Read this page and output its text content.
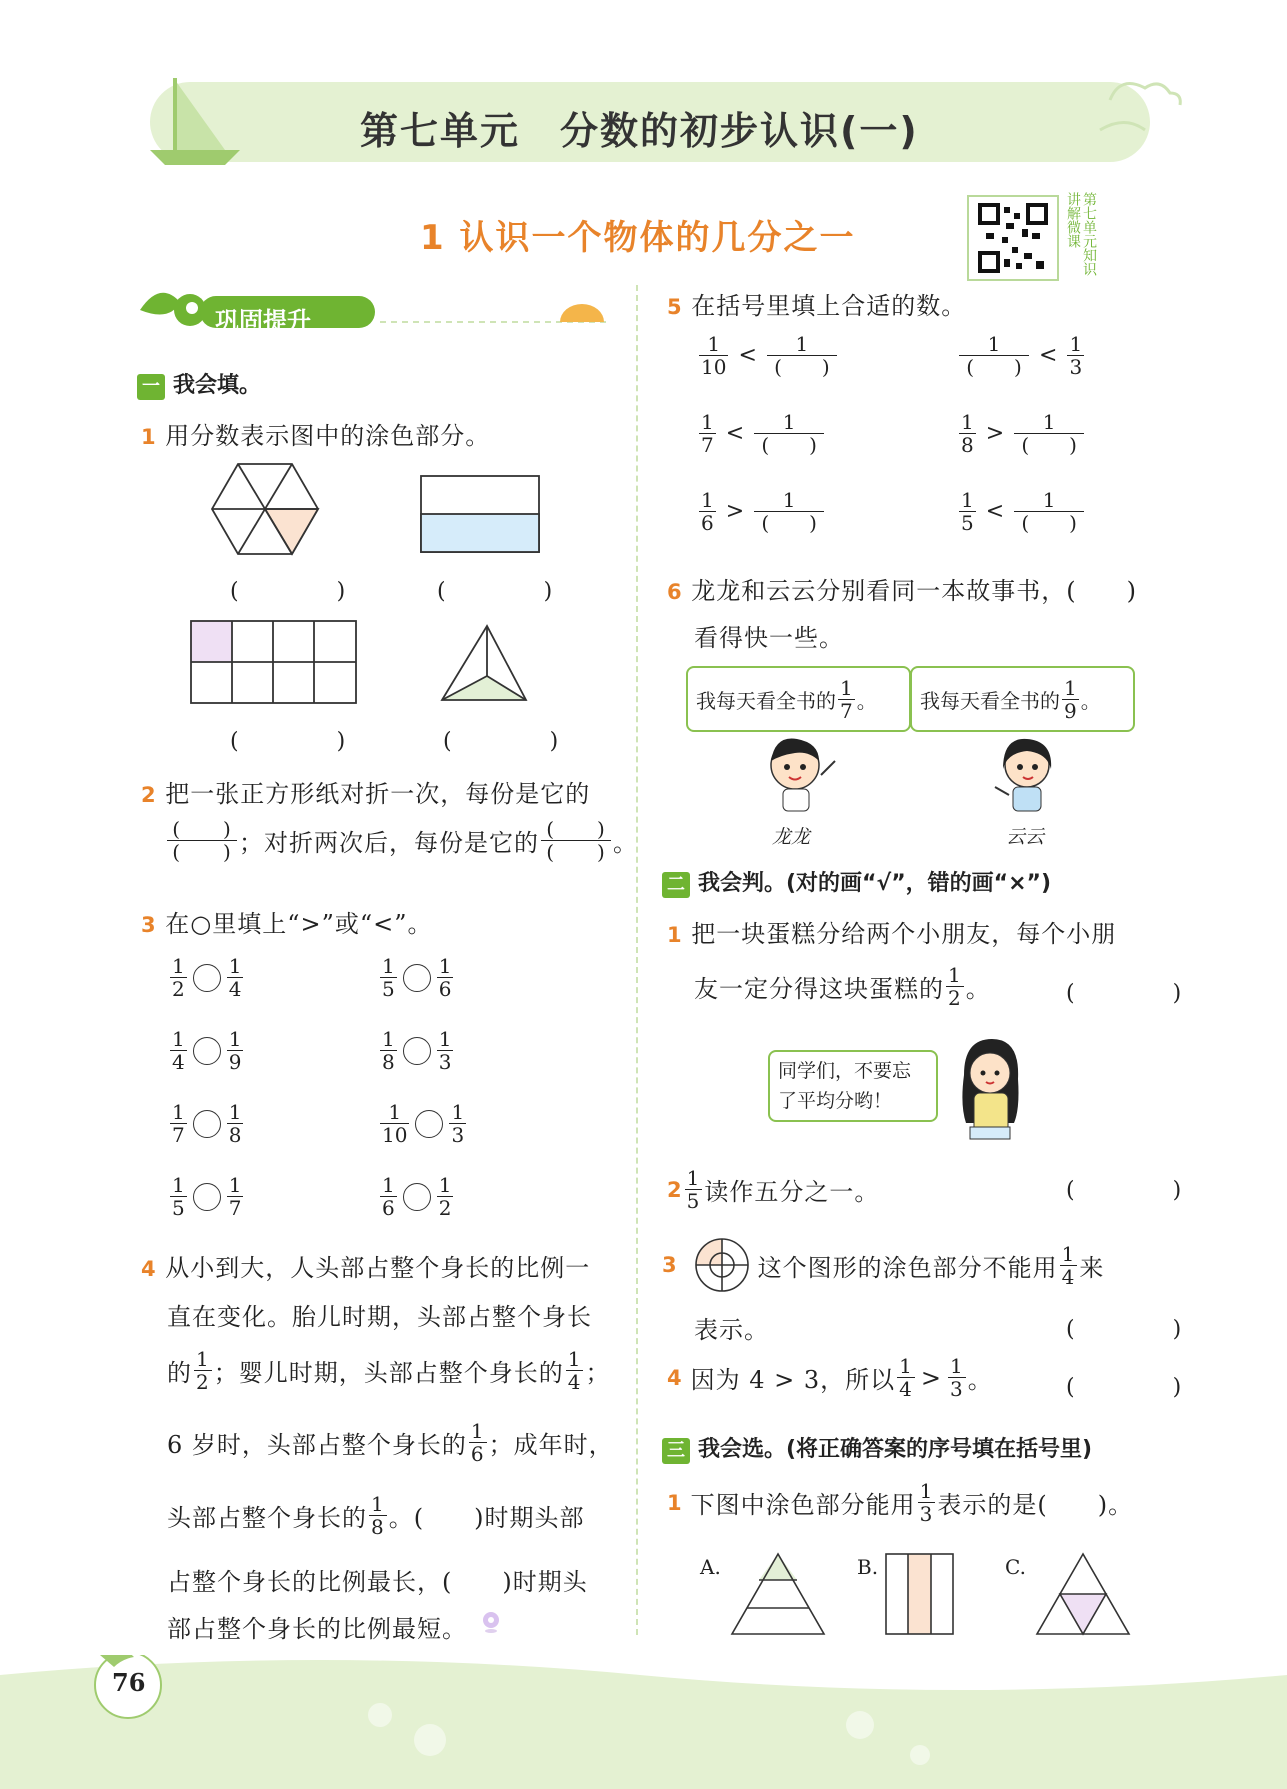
第七单元　分数的初步认识(一)
1 认识一个物体的几分之一	第七单元知识讲解微课
巩固提升
一 我会填。
1 用分数表示图中的涂色部分。
(　　)	(　　)
(　　)	(　　)
2 把一张正方形纸对折一次，每份是它的
$\frac{( )}{( )}$ ；对折两次后，每份是它的 $\frac{( )}{( )}$ 。
3 在○里填上“>”或“<”。
$\frac{1}{2} \frac{1}{4}$	$\frac{1}{5} \frac{1}{6}$
$\frac{1}{4} \frac{1}{9}$	$\frac{1}{8} \frac{1}{3}$
$\frac{1}{7} \frac{1}{8}$	$\frac{1}{10} \frac{1}{3}$
$\frac{1}{5} \frac{1}{7}$	$\frac{1}{6} \frac{1}{2}$
4 从小到大，人头部占整个身长的比例一
直在变化。胎儿时期，头部占整个身长
的 $\frac{1}{2}$ ；婴儿时期，头部占整个身长的 $\frac{1}{4}$ ；
6 岁时，头部占整个身长的 $\frac{1}{6}$ ；成年时，
头部占整个身长的 $\frac{1}{8}$ 。(　　)时期头部
占整个身长的比例最长，(　　)时期头
部占整个身长的比例最短。
5 在括号里填上合适的数。
$\frac{1}{10} < \frac{1}{( )}$	$\frac{1}{( )} < \frac{1}{3}$
$\frac{1}{7} < \frac{1}{( )}$	$\frac{1}{8} > \frac{1}{( )}$
$\frac{1}{6} > \frac{1}{( )}$	$\frac{1}{5} < \frac{1}{( )}$
6 龙龙和云云分别看同一本故事书，(　　)
看得快一些。
我每天看全书的 $\frac{1}{7}$ 。 我每天看全书的 $\frac{1}{9}$ 。
龙龙	云云
二 我会判。(对的画“√”，错的画“×”)
1 把一块蛋糕分给两个小朋友，每个小朋
友一定分得这块蛋糕的 $\frac{1}{2}$ 。	(　　)
同学们，不要忘
了平均分哟！
$2 \frac{1}{5}$ 读作五分之一。	(　　)
3	这个图形的涂色部分不能用 $\frac{1}{4}$ 来
表示。	(　　)
4 因为 4 > 3，所以 $\frac{1}{4} > \frac{1}{3}$ 。	(　　)
三 我会选。(将正确答案的序号填在括号里)
1 下图中涂色部分能用 $\frac{1}{3}$ 表示的是(　　)。
A.	B.	C.
76
